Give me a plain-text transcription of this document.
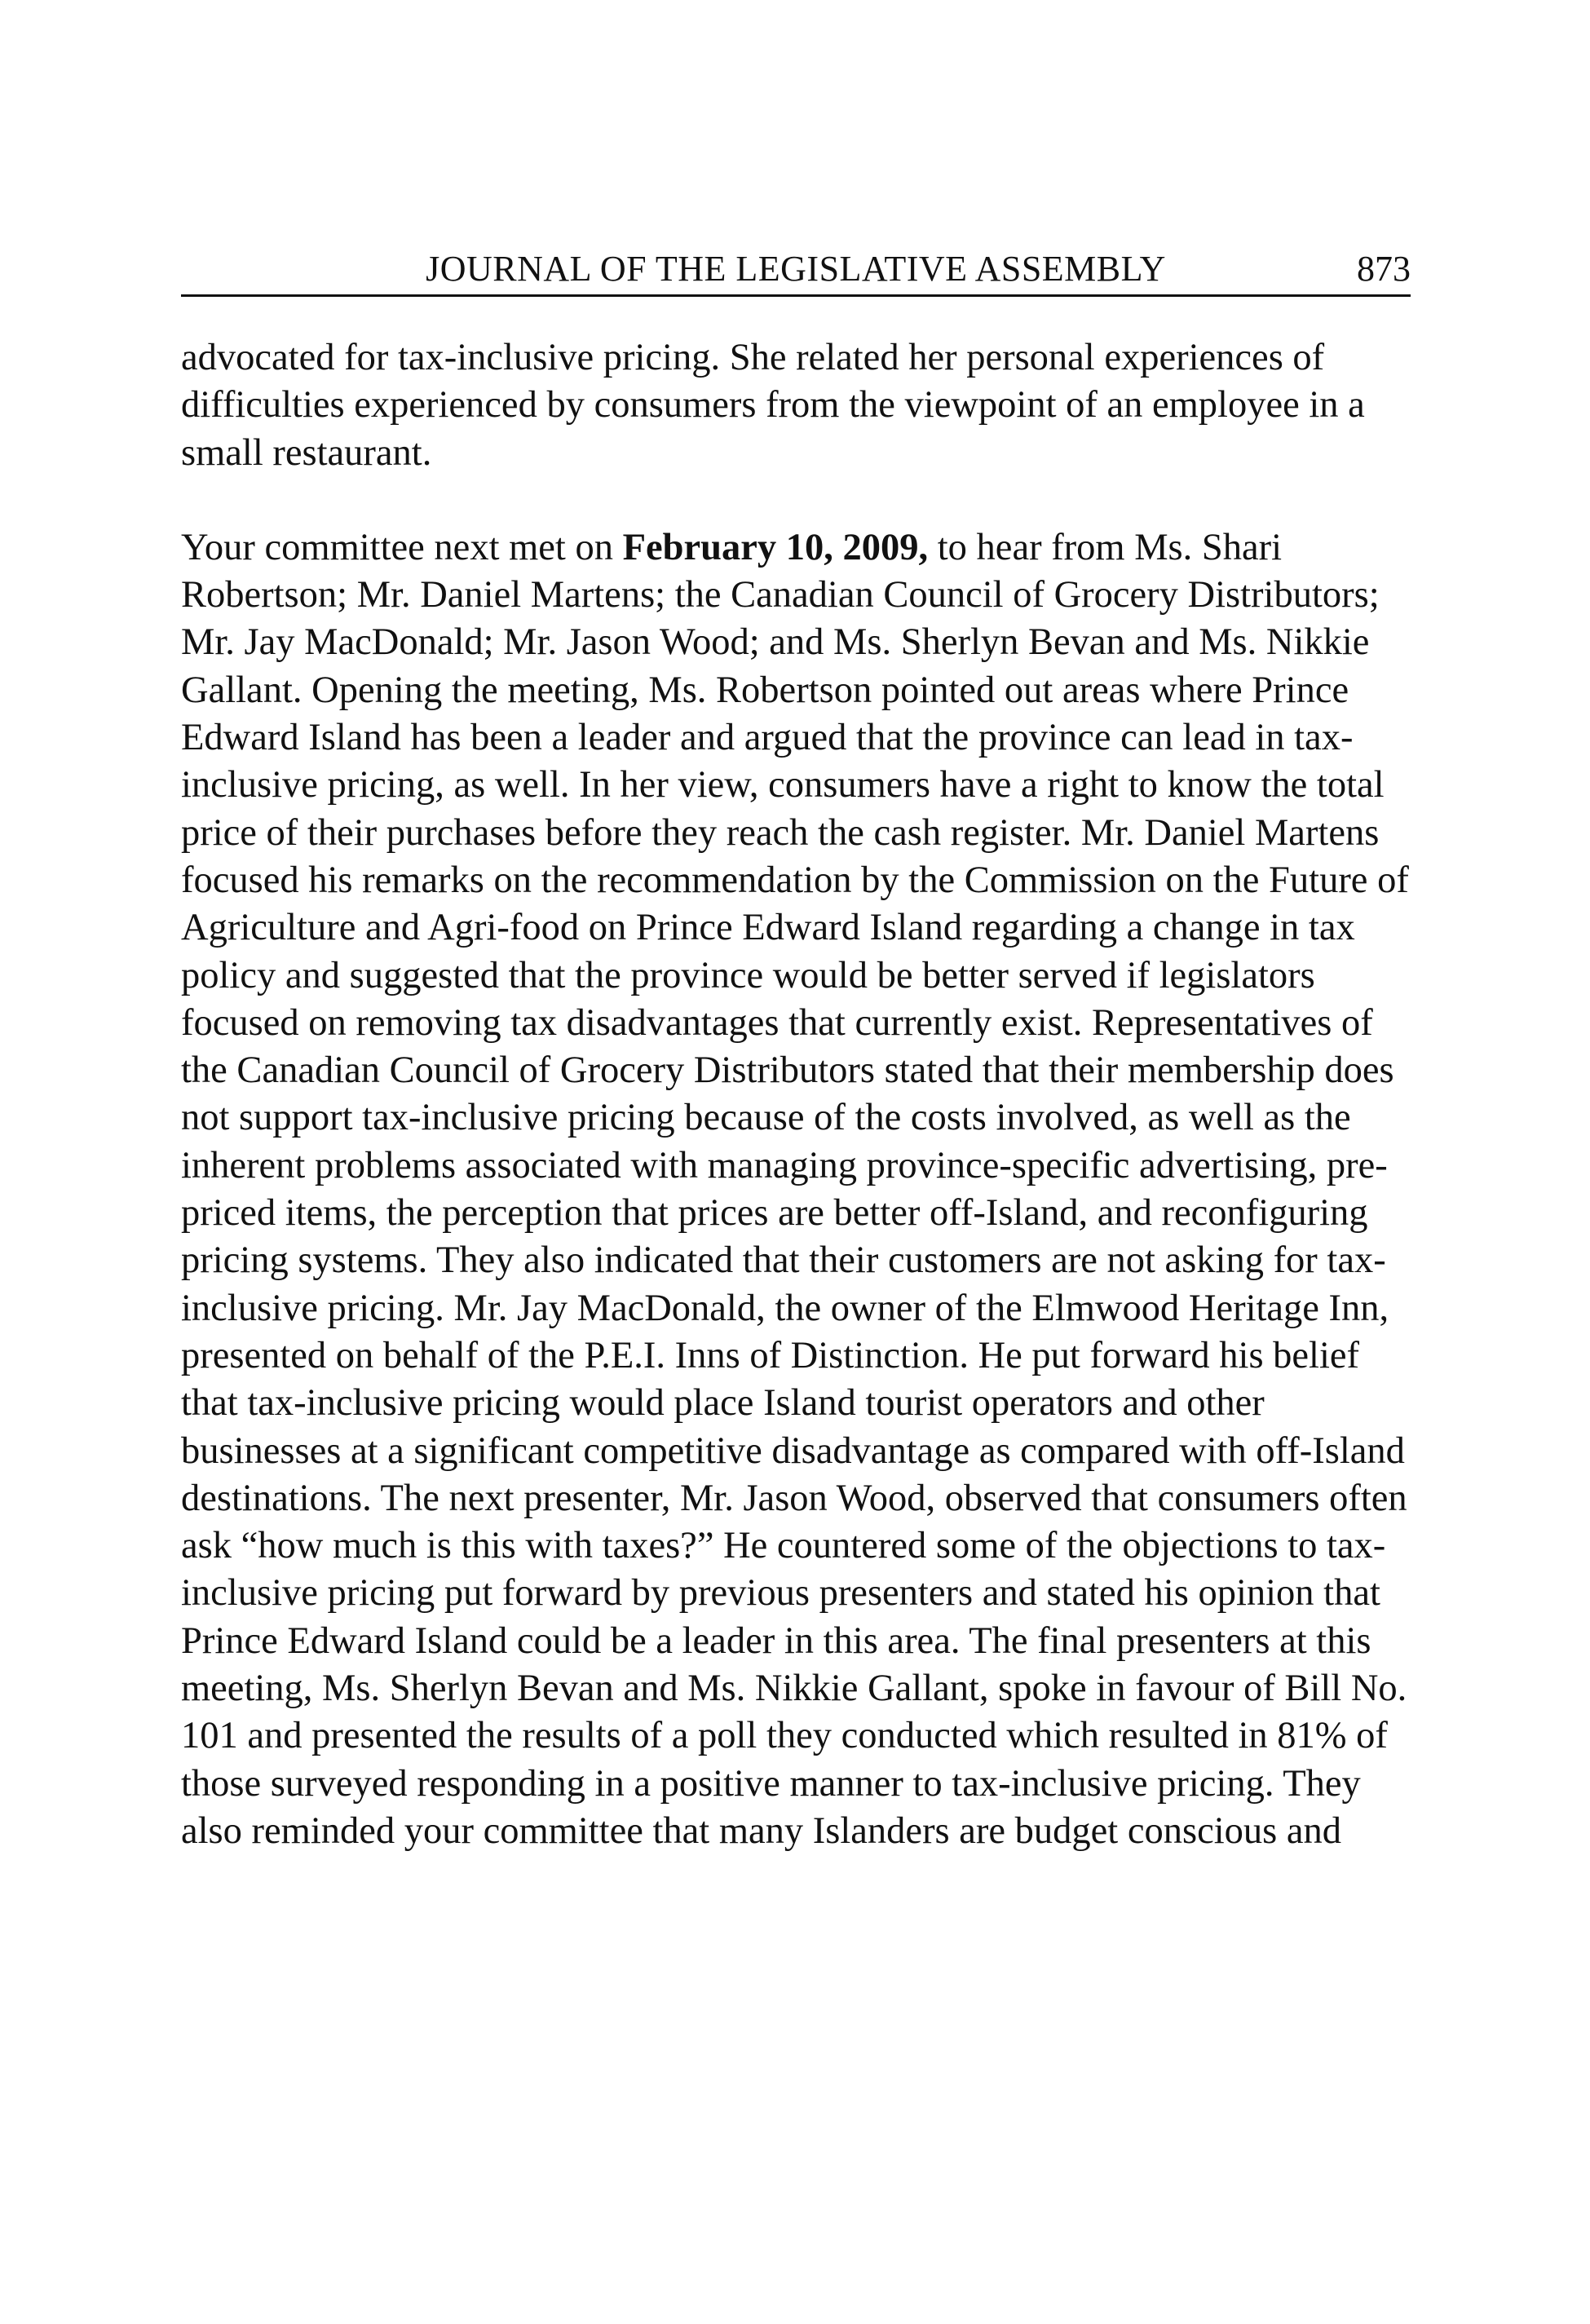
JOURNAL OF THE LEGISLATIVE ASSEMBLY	873

advocated for tax-inclusive pricing. She related her personal experiences of difficulties experienced by consumers from the viewpoint of an employee in a small restaurant.

Your committee next met on February 10, 2009, to hear from Ms. Shari Robertson; Mr. Daniel Martens; the Canadian Council of Grocery Distributors; Mr. Jay MacDonald; Mr. Jason Wood; and Ms. Sherlyn Bevan and Ms. Nikkie Gallant. Opening the meeting, Ms. Robertson pointed out areas where Prince Edward Island has been a leader and argued that the province can lead in tax-inclusive pricing, as well. In her view, consumers have a right to know the total price of their purchases before they reach the cash register. Mr. Daniel Martens focused his remarks on the recommendation by the Commission on the Future of Agriculture and Agri-food on Prince Edward Island regarding a change in tax policy and suggested that the province would be better served if legislators focused on removing tax disadvantages that currently exist. Representatives of the Canadian Council of Grocery Distributors stated that their membership does not support tax-inclusive pricing because of the costs involved, as well as the inherent problems associated with managing province-specific advertising, pre-priced items, the perception that prices are better off-Island, and reconfiguring pricing systems. They also indicated that their customers are not asking for tax-inclusive pricing. Mr. Jay MacDonald, the owner of the Elmwood Heritage Inn, presented on behalf of the P.E.I. Inns of Distinction. He put forward his belief that tax-inclusive pricing would place Island tourist operators and other businesses at a significant competitive disadvantage as compared with off-Island destinations. The next presenter, Mr. Jason Wood, observed that consumers often ask “how much is this with taxes?” He countered some of the objections to tax-inclusive pricing put forward by previous presenters and stated his opinion that Prince Edward Island could be a leader in this area. The final presenters at this meeting, Ms. Sherlyn Bevan and Ms. Nikkie Gallant, spoke in favour of Bill No. 101 and presented the results of a poll they conducted which resulted in 81% of those surveyed responding in a positive manner to tax-inclusive pricing. They also reminded your committee that many Islanders are budget conscious and
